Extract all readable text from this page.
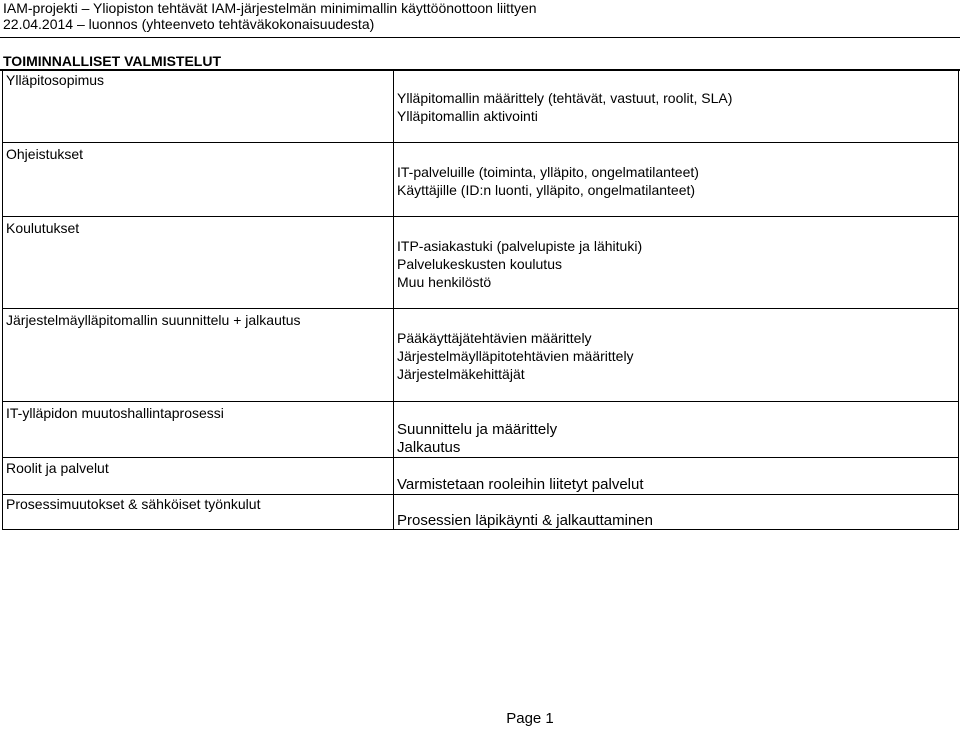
IAM-projekti – Yliopiston tehtävät IAM-järjestelmän minimimallin käyttöönottoon liittyen
22.04.2014 – luonnos (yhteenveto tehtäväkokonaisuudesta)
TOIMINNALLISET VALMISTELUT
Ylläpitosopimus
Ylläpitomallin määrittely (tehtävät, vastuut, roolit, SLA)
Ylläpitomallin aktivointi
Ohjeistukset
IT-palveluille (toiminta, ylläpito, ongelmatilanteet)
Käyttäjille (ID:n luonti, ylläpito, ongelmatilanteet)
Koulutukset
ITP-asiakastuki (palvelupiste ja lähituki)
Palvelukeskusten koulutus
Muu henkilöstö
Järjestelmäylläpitomallin suunnittelu + jalkautus
Pääkäyttäjätehtävien määrittely
Järjestelmäylläpitotehtävien määrittely
Järjestelmäkehittäjät
IT-ylläpidon muutoshallintaprosessi
Suunnittelu ja määrittely
Jalkautus
Roolit ja palvelut
Varmistetaan rooleihin liitetyt palvelut
Prosessimuutokset & sähköiset työnkulut
Prosessien läpikäynti & jalkauttaminen
Page 1
